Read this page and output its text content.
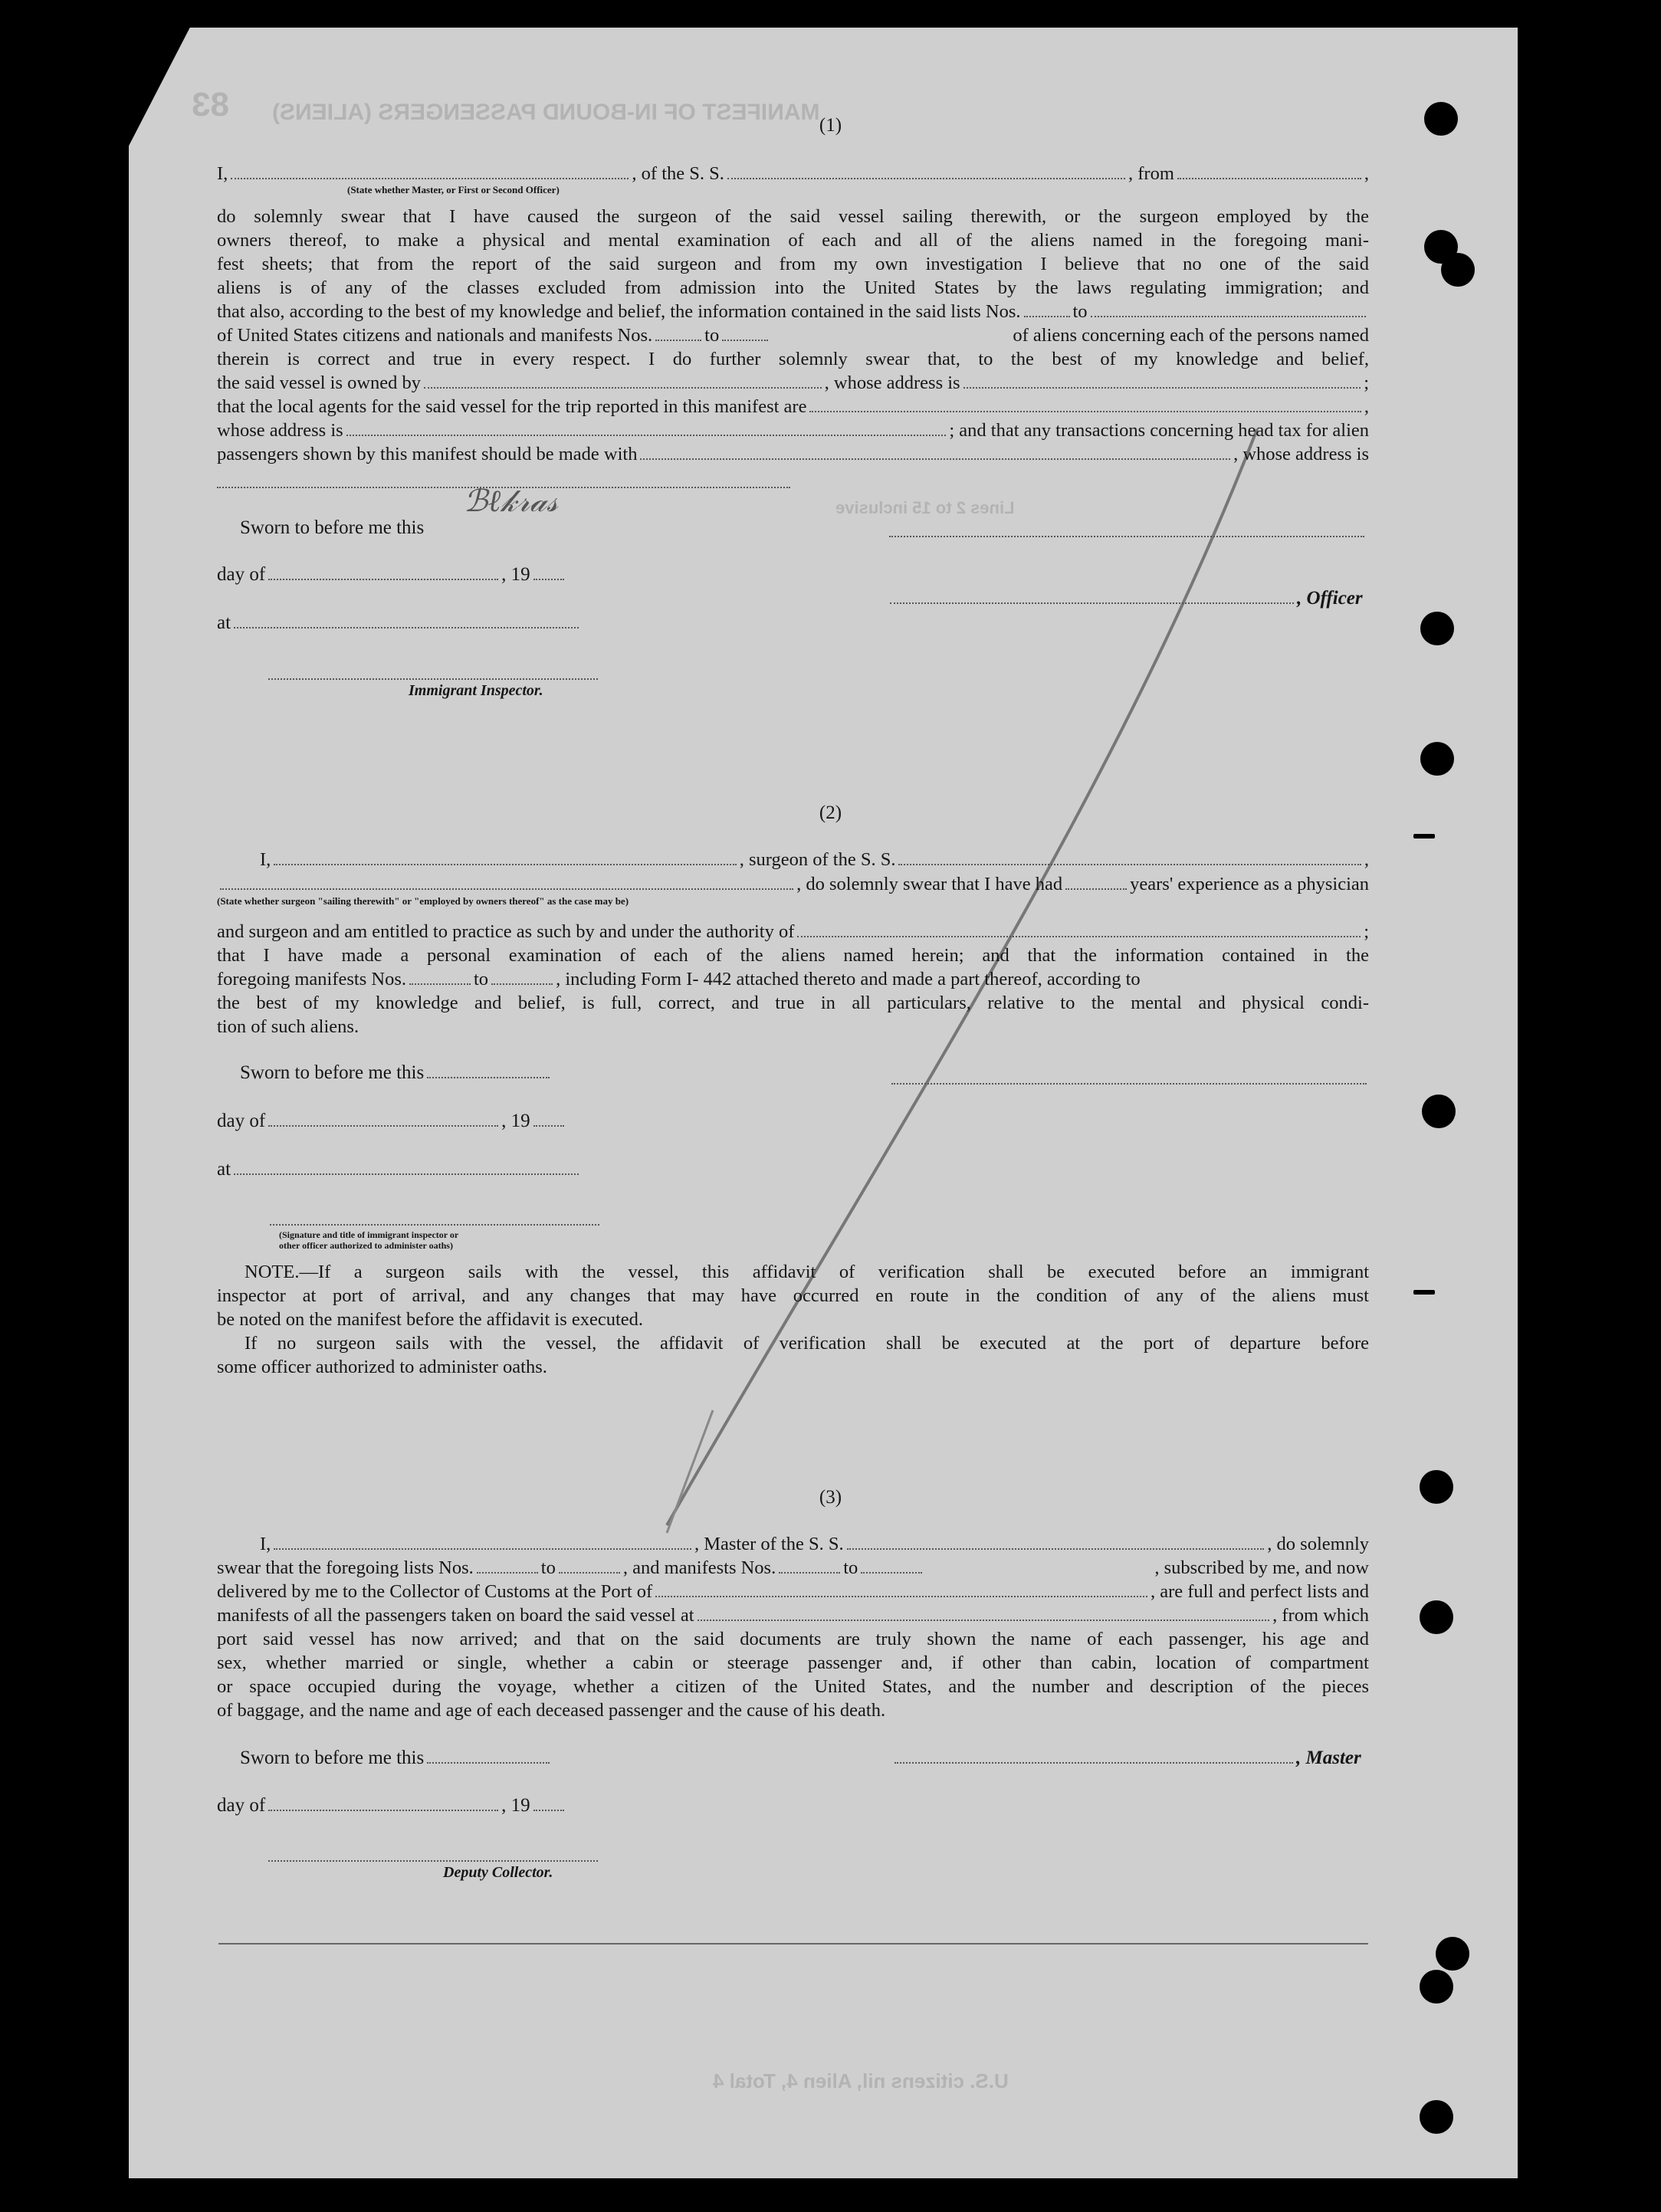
83 MANIFEST OF IN-BOUND PASSENGERS (ALIENS)
Lines 2 to 15 inclusive
U.S. citizens nil, Alien 4, Total 4
(1)
I,	, of the S. S.	, from	,
(State whether Master, or First or Second Officer)
do solemnly swear that I have caused the surgeon of the said vessel sailing therewith, or the surgeon employed by the
owners thereof, to make a physical and mental examination of each and all of the aliens named in the foregoing mani-
fest sheets; that from the report of the said surgeon and from my own investigation I believe that no one of the said
aliens is of any of the classes excluded from admission into the United States by the laws regulating immigration; and
that also, according to the best of my knowledge and belief, the information contained in the said lists Nos.	to
of United States citizens and nationals and manifests Nos.	to	of aliens concerning each of the persons named
therein is correct and true in every respect. I do further solemnly swear that, to the best of my knowledge and belief,
the said vessel is owned by	, whose address is	;
that the local agents for the said vessel for the trip reported in this manifest are	,
whose address is	; and that any transactions concerning head tax for alien
passengers shown by this manifest should be made with	, whose address is
Sworn to before me this
ℬℓ𝓀𝓇𝒶𝓈
day of	, 19
, Officer
at
Immigrant Inspector.
(2)
I,	, surgeon of the S. S.	,
, do solemnly swear that I have had	years' experience as a physician
(State whether surgeon "sailing therewith" or "employed by owners thereof" as the case may be)
and surgeon and am entitled to practice as such by and under the authority of	;
that I have made a personal examination of each of the aliens named herein; and that the information contained in the
foregoing manifests Nos.	to	, including Form I- 442 attached thereto and made a part thereof, according to
the best of my knowledge and belief, is full, correct, and true in all particulars, relative to the mental and physical condi-
tion of such aliens.
Sworn to before me this
day of	, 19
at
(Signature and title of immigrant inspector or
other officer authorized to administer oaths)
NOTE.—If a surgeon sails with the vessel, this affidavit of verification shall be executed before an immigrant
inspector at port of arrival, and any changes that may have occurred en route in the condition of any of the aliens must
be noted on the manifest before the affidavit is executed.
If no surgeon sails with the vessel, the affidavit of verification shall be executed at the port of departure before
some officer authorized to administer oaths.
(3)
I,	, Master of the S. S.	, do solemnly
swear that the foregoing lists Nos.	to	, and manifests Nos.	to	, subscribed by me, and now
delivered by me to the Collector of Customs at the Port of	, are full and perfect lists and
manifests of all the passengers taken on board the said vessel at	, from which
port said vessel has now arrived; and that on the said documents are truly shown the name of each passenger, his age and
sex, whether married or single, whether a cabin or steerage passenger and, if other than cabin, location of compartment
or space occupied during the voyage, whether a citizen of the United States, and the number and description of the pieces
of baggage, and the name and age of each deceased passenger and the cause of his death.
Sworn to before me this	, Master
day of	, 19
Deputy Collector.
